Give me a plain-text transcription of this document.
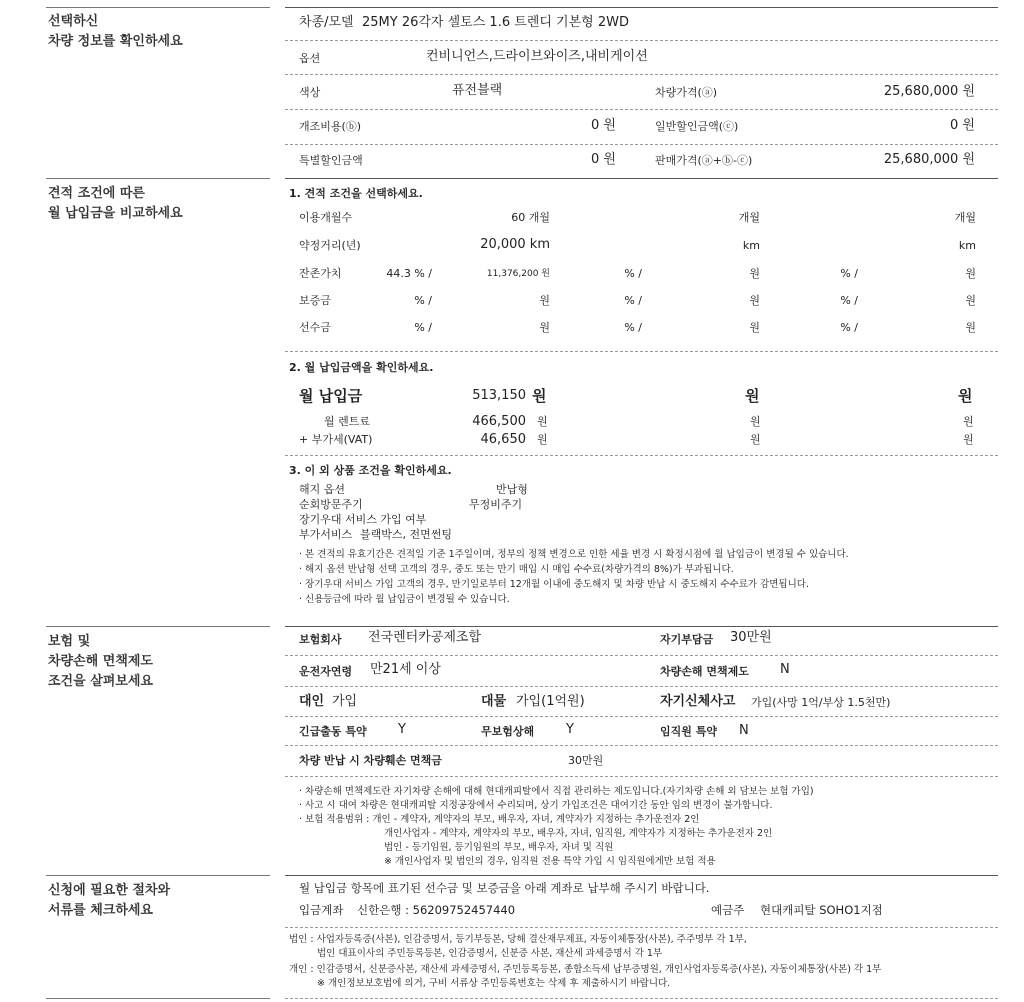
선택하신
차량 정보를 확인하세요
차종/모델 25MY 26각자 셀토스 1.6 트렌디 기본형 2WD
옵션	컨비니언스,드라이브와이즈,내비게이션
색상	퓨전블랙	차량가격(ⓐ)	25,680,000 원
개조비용(ⓑ)	0 원	일반할인금액(ⓒ)	0 원
특별할인금액	0 원	판매가격(ⓐ+ⓑ-ⓒ)	25,680,000 원
견적 조건에 따른
월 납입금을 비교하세요
1. 견적 조건을 선택하세요.
이용개월수	60 개월	개월	개월
약정거리(년)	20,000 km	km	km
잔존가치	44.3 % /	11,376,200 원	% /	원	% /	원
보증금	% /	원	% /	원	% /	원
선수금	% /	원	% /	원	% /	원
2. 월 납입금액을 확인하세요.
월 납입금	513,150 원	원	원
월 렌트료	466,500 원	원	원
+ 부가세(VAT)	46,650 원	원	원
3. 이 외 상품 조건을 확인하세요.
해지 옵션	반납형
순회방문주기	무정비주기
장기우대 서비스 가입 여부
부가서비스 블랙박스, 전면썬팅
· 본 견적의 유효기간은 견적일 기준 1주일이며, 정부의 정책 변경으로 인한 세율 변경 시 확정시점에 월 납입금이 변경될 수 있습니다.
· 해지 옵션 반납형 선택 고객의 경우, 중도 또는 만기 매입 시 매입 수수료(차량가격의 8%)가 부과됩니다.
· 장기우대 서비스 가입 고객의 경우, 만기일로부터 12개월 이내에 중도해지 및 차량 반납 시 중도해지 수수료가 감면됩니다.
· 신용등급에 따라 월 납입금이 변경될 수 있습니다.
보험 및
차량손해 면책제도
조건을 살펴보세요
보험회사 전국렌터카공제조합	자기부담금 30만원
운전자연령 만21세 이상	차량손해 면책제도 N
대인 가입	대물 가입(1억원)	자기신체사고 가입(사망 1억/부상 1.5천만)
긴급출동 특약 Y	무보험상해 Y	임직원 특약 N
차량 반납 시 차량훼손 면책금	30만원
· 차량손해 면책제도란 자기차량 손해에 대해 현대캐피탈에서 직접 관리하는 제도입니다.(자기차량 손해 외 담보는 보험 가입)
· 사고 시 대여 차량은 현대캐피탈 지정공장에서 수리되며, 상기 가입조건은 대여기간 동안 임의 변경이 불가합니다.
· 보험 적용범위 : 개인 - 계약자, 계약자의 부모, 배우자, 자녀, 계약자가 지정하는 추가운전자 2인
개인사업자 - 계약자, 계약자의 부모, 배우자, 자녀, 임직원, 계약자가 지정하는 추가운전자 2인
법인 - 등기임원, 등기임원의 부모, 배우자, 자녀 및 직원
※ 개인사업자 및 법인의 경우, 임직원 전용 특약 가입 시 임직원에게만 보험 적용
신청에 필요한 절차와
서류를 체크하세요
월 납입금 항목에 표기된 선수금 및 보증금을 아래 계좌로 납부해 주시기 바랍니다.
입금계좌 신한은행 : 56209752457440	예금주 현대캐피탈 SOHO1지점
법인 : 사업자등록증(사본), 인감증명서, 등기부등본, 당해 결산재무제표, 자동이체통장(사본), 주주명부 각 1부,
법인 대표이사의 주민등록등본, 인감증명서, 신분증 사본, 재산세 과세증명서 각 1부
개인 : 인감증명서, 신분증사본, 재산세 과세증명서, 주민등록등본, 종합소득세 납부증명원, 개인사업자등록증(사본), 자동이체통장(사본) 각 1부
※ 개인정보보호법에 의거, 구비 서류상 주민등록번호는 삭제 후 제출하시기 바랍니다.
